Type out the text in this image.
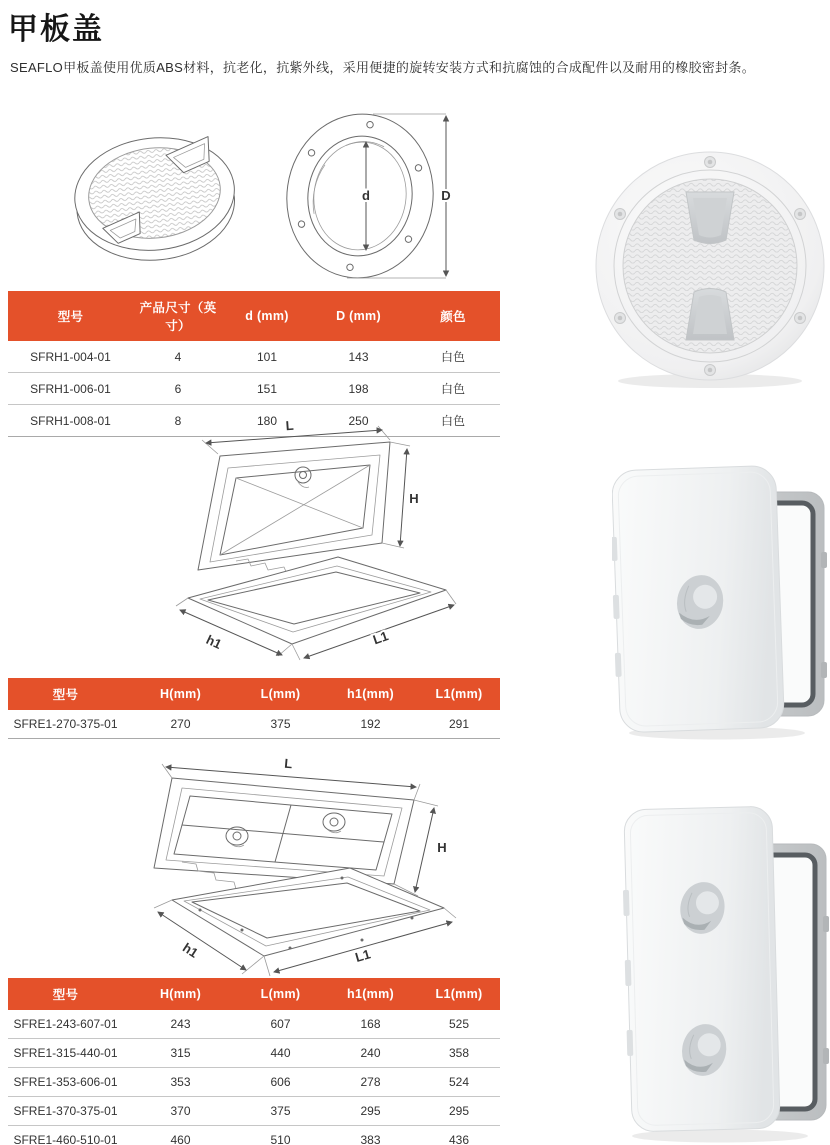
甲板盖

SEAFLO甲板盖使用优质ABS材料，抗老化，抗紫外线，采用便捷的旋转安装方式和抗腐蚀的合成配件以及耐用的橡胶密封条。

d	D
型号	产品尺寸（英寸）	d (mm)	D (mm)	颜色
SFRH1-004-01	4	101	143	白色
SFRH1-006-01	6	151	198	白色
SFRH1-008-01	8	180	250	白色
L
H
h1	L1
型号	H(mm)	L(mm)	h1(mm)	L1(mm)
SFRE1-270-375-01	270	375	192	291
L
H
h1	L1
型号	H(mm)	L(mm)	h1(mm)	L1(mm)
SFRE1-243-607-01	243	607	168	525
SFRE1-315-440-01	315	440	240	358
SFRE1-353-606-01	353	606	278	524
SFRE1-370-375-01	370	375	295	295
SFRE1-460-510-01	460	510	383	436
